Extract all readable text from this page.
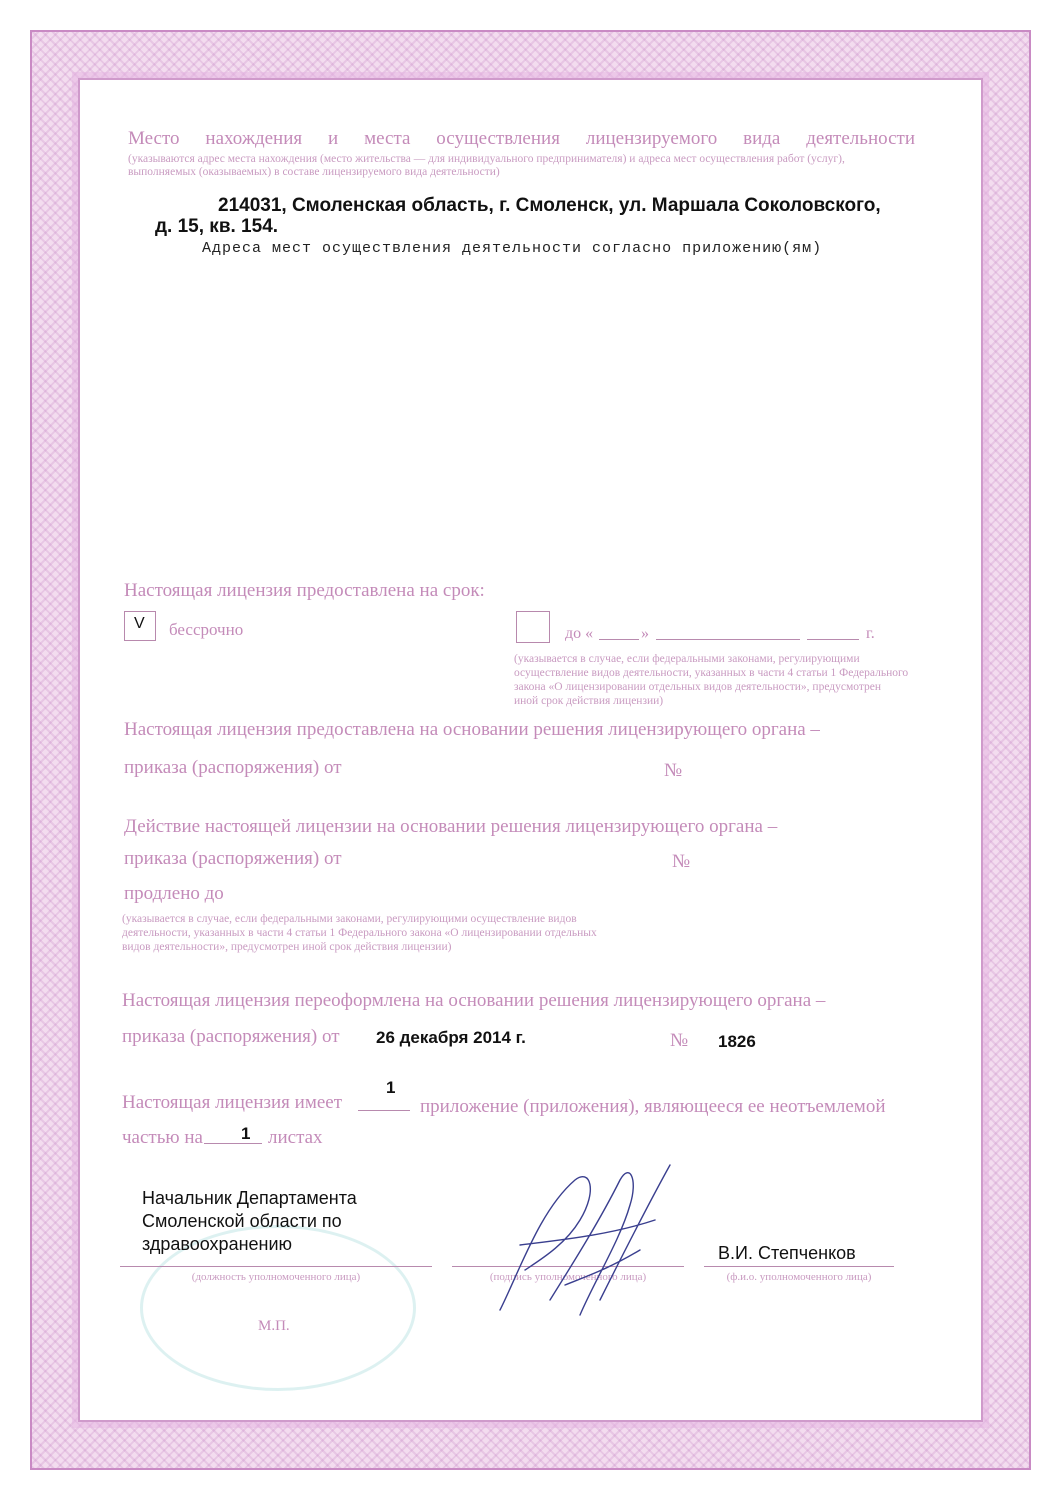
Место нахождения и места осуществления лицензируемого вида деятельности
(указываются адрес места нахождения (место жительства — для индивидуального предпринимателя) и адреса мест осуществления работ (услуг),
выполняемых (оказываемых) в составе лицензируемого вида деятельности)
214031, Смоленская область, г. Смоленск, ул. Маршала Соколовского,
д. 15, кв. 154.
Адреса мест осуществления деятельности согласно приложению(ям)
Настоящая лицензия предоставлена на срок:
V бессрочно	до «	»	г.
(указывается в случае, если федеральными законами, регулирующими
осуществление видов деятельности, указанных в части 4 статьи 1 Федерального
закона «О лицензировании отдельных видов деятельности», предусмотрен
иной срок действия лицензии)
Настоящая лицензия предоставлена на основании решения лицензирующего органа –
приказа (распоряжения) от	№
Действие настоящей лицензии на основании решения лицензирующего органа –
приказа (распоряжения) от	№
продлено до
(указывается в случае, если федеральными законами, регулирующими осуществление видов
деятельности, указанных в части 4 статьи 1 Федерального закона «О лицензировании отдельных
видов деятельности», предусмотрен иной срок действия лицензии)
Настоящая лицензия переоформлена на основании решения лицензирующего органа –
приказа (распоряжения) от 26 декабря 2014 г.	№ 1826
Настоящая лицензия имеет
1
приложение (приложения), являющееся ее неотъемлемой
частью на 1 листах
Начальник Департамента
Смоленской области по
здравоохранению	В.И. Степченков
(должность уполномоченного лица)	(подпись уполномоченного лица)	(ф.и.о. уполномоченного лица)
М.П.
